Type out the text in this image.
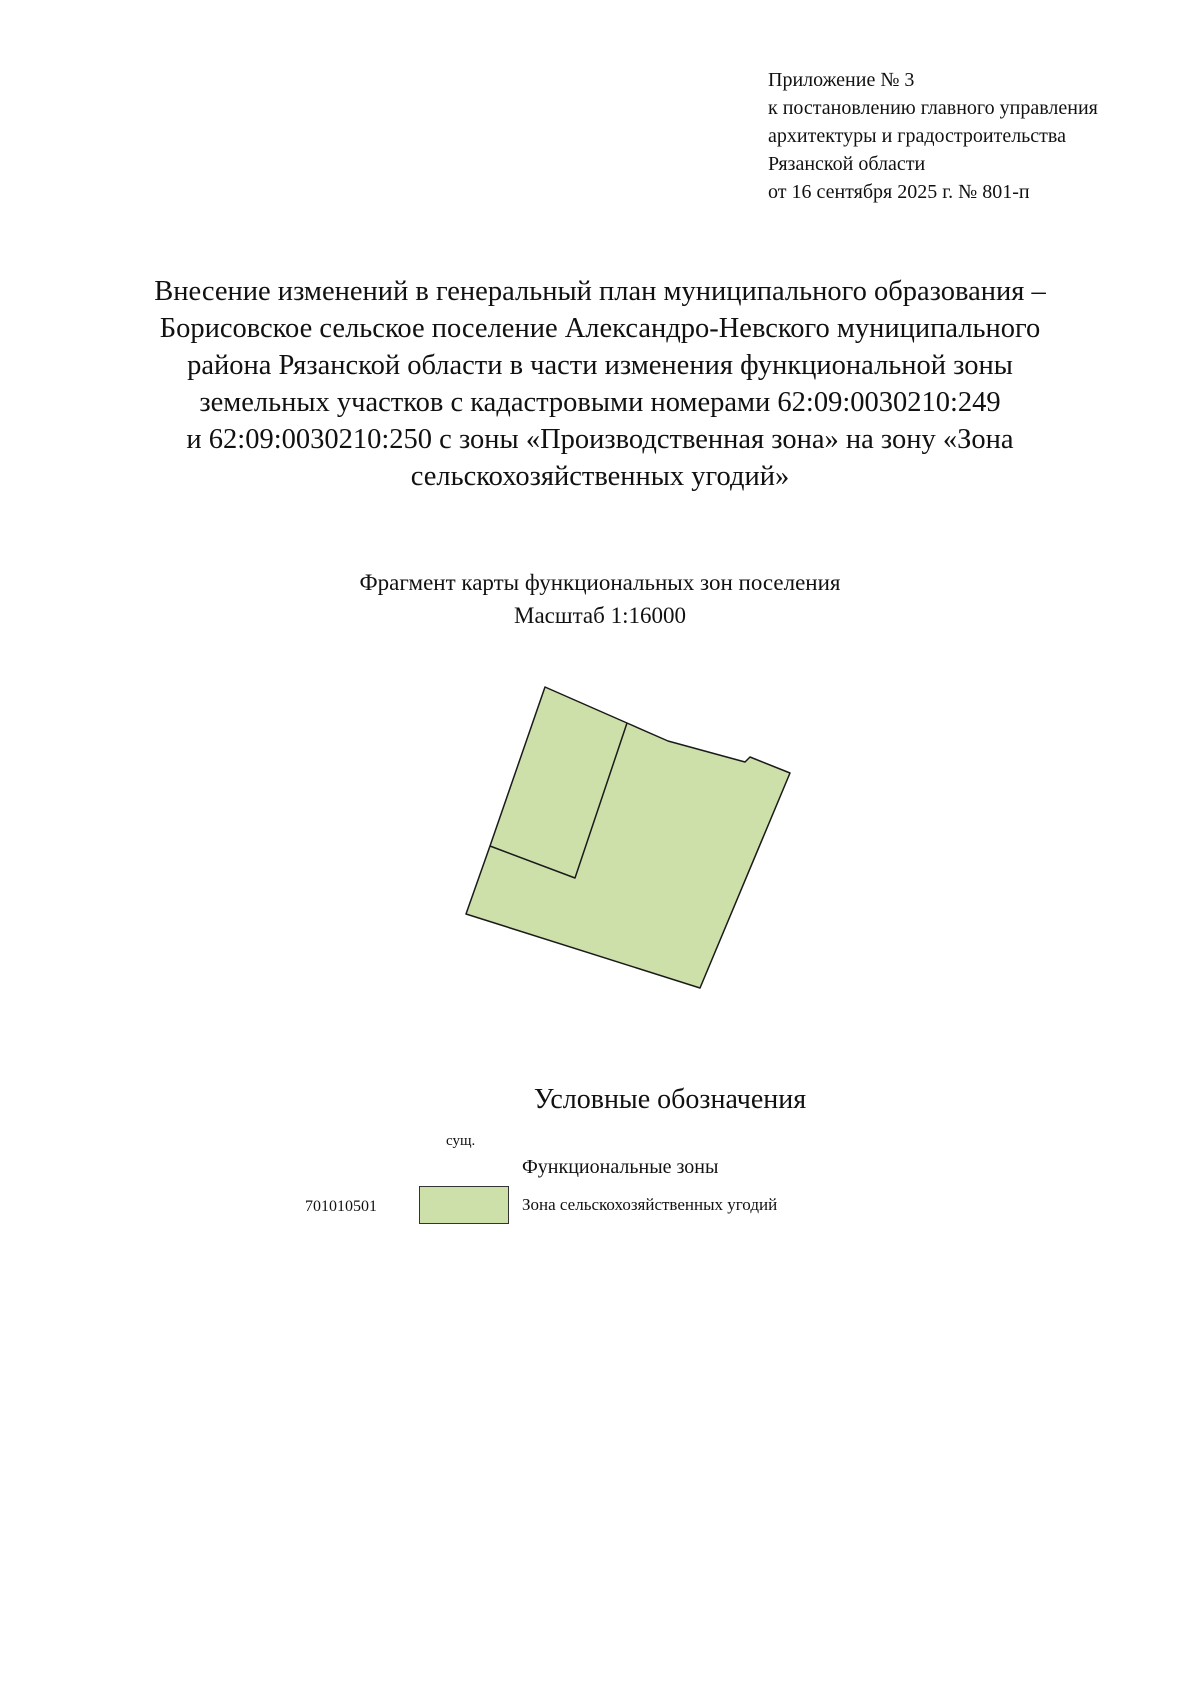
Приложение № 3
к постановлению главного управления
архитектуры и градостроительства
Рязанской области
от 16 сентября 2025 г. № 801-п
Внесение изменений в генеральный план муниципального образования –
Борисовское сельское поселение Александро-Невского муниципального
района Рязанской области в части изменения функциональной зоны
земельных участков с кадастровыми номерами 62:09:0030210:249
и 62:09:0030210:250 с зоны «Производственная зона» на зону «Зона
сельскохозяйственных угодий»
Фрагмент карты функциональных зон поселения
Масштаб 1:16000
Условные обозначения
сущ.
Функциональные зоны
701010501	Зона сельскохозяйственных угодий
